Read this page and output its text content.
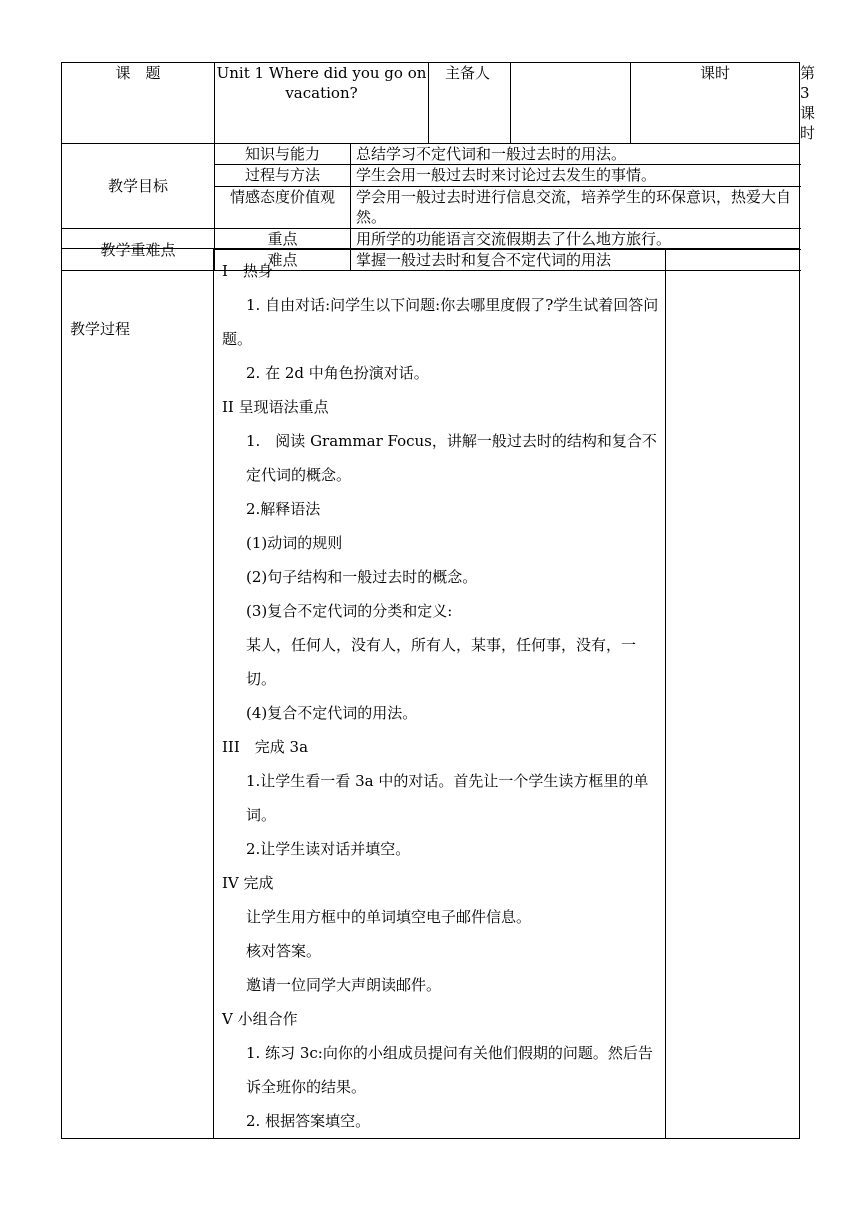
课　题	Unit 1 Where did you go on vacation?		主备人		课时	第 3 课时
教学目标	知识与能力	总结学习不定代词和一般过去时的用法。				
	过程与方法	学生会用一般过去时来讨论过去发生的事情。				
	情感态度价值观	学会用一般过去时进行信息交流，培养学生的环保意识，热爱大自然。				
教学重难点	重点	用所学的功能语言交流假期去了什么地方旅行。				
	难点	掌握一般过去时和复合不定代词的用法				
教学过程	

I　热身

1. 自由对话:问学生以下问题:你去哪里度假了?学生试着回答问题。

2. 在 2d 中角色扮演对话。

II 呈现语法重点

1.　阅读 Grammar Focus，讲解一般过去时的结构和复合不定代词的概念。

2.解释语法

(1)动词的规则

(2)句子结构和一般过去时的概念。

(3)复合不定代词的分类和定义:

某人，任何人，没有人，所有人，某事，任何事，没有，一切。

(4)复合不定代词的用法。

III　完成 3a

1.让学生看一看 3a 中的对话。首先让一个学生读方框里的单词。

2.让学生读对话并填空。

IV 完成

让学生用方框中的单词填空电子邮件信息。

核对答案。

邀请一位同学大声朗读邮件。

V 小组合作

1. 练习 3c:向你的小组成员提问有关他们假期的问题。然后告诉全班你的结果。

2. 根据答案填空。
